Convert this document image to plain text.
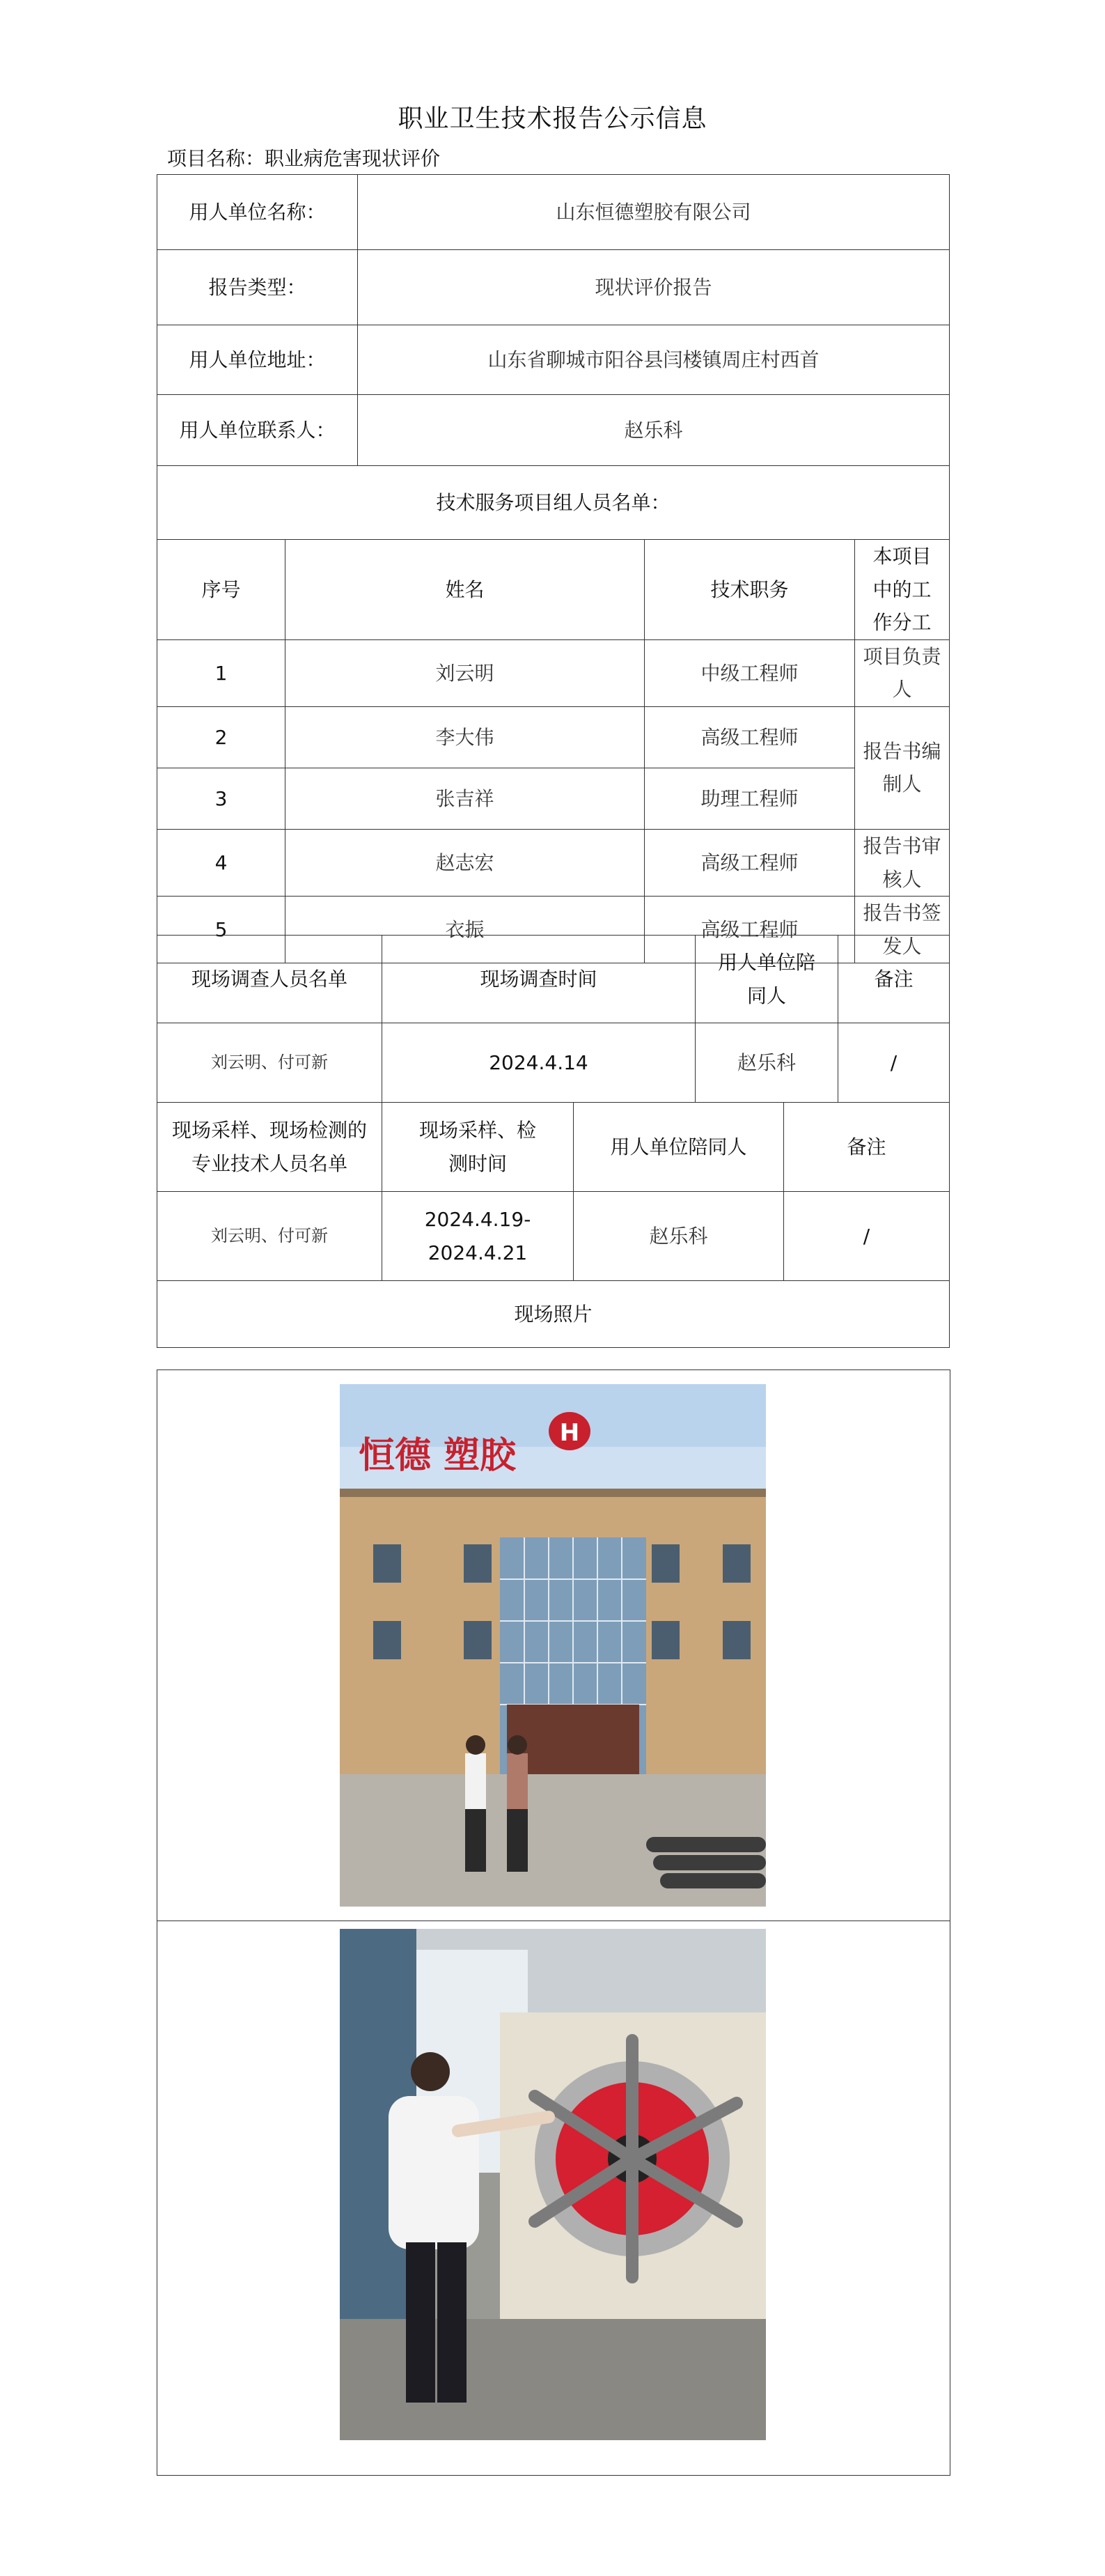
职业卫生技术报告公示信息
项目名称：职业病危害现状评价
用人单位名称：		山东恒德塑胶有限公司		
报告类型：		现状评价报告		
用人单位地址：		山东省聊城市阳谷县闫楼镇周庄村西首		
用人单位联系人：		赵乐科		
技术服务项目组人员名单：				
序号	姓名		技术职务	本项目中的工作分工
1	刘云明		中级工程师	项目负责人
2	李大伟		高级工程师	报告书编制人
3	张吉祥		助理工程师	
4	赵志宏		高级工程师	报告书审核人
5	衣振		高级工程师	报告书签发人
现场调查人员名单	现场调查时间	用人单位陪同人	备注
刘云明、付可新	2024.4.14	赵乐科	/
现场采样、现场检测的专业技术人员名单	现场采样、检测时间	用人单位陪同人	备注
刘云明、付可新	2024.4.19-2024.4.21	赵乐科	/
现场照片			
H
恒德 塑胶
